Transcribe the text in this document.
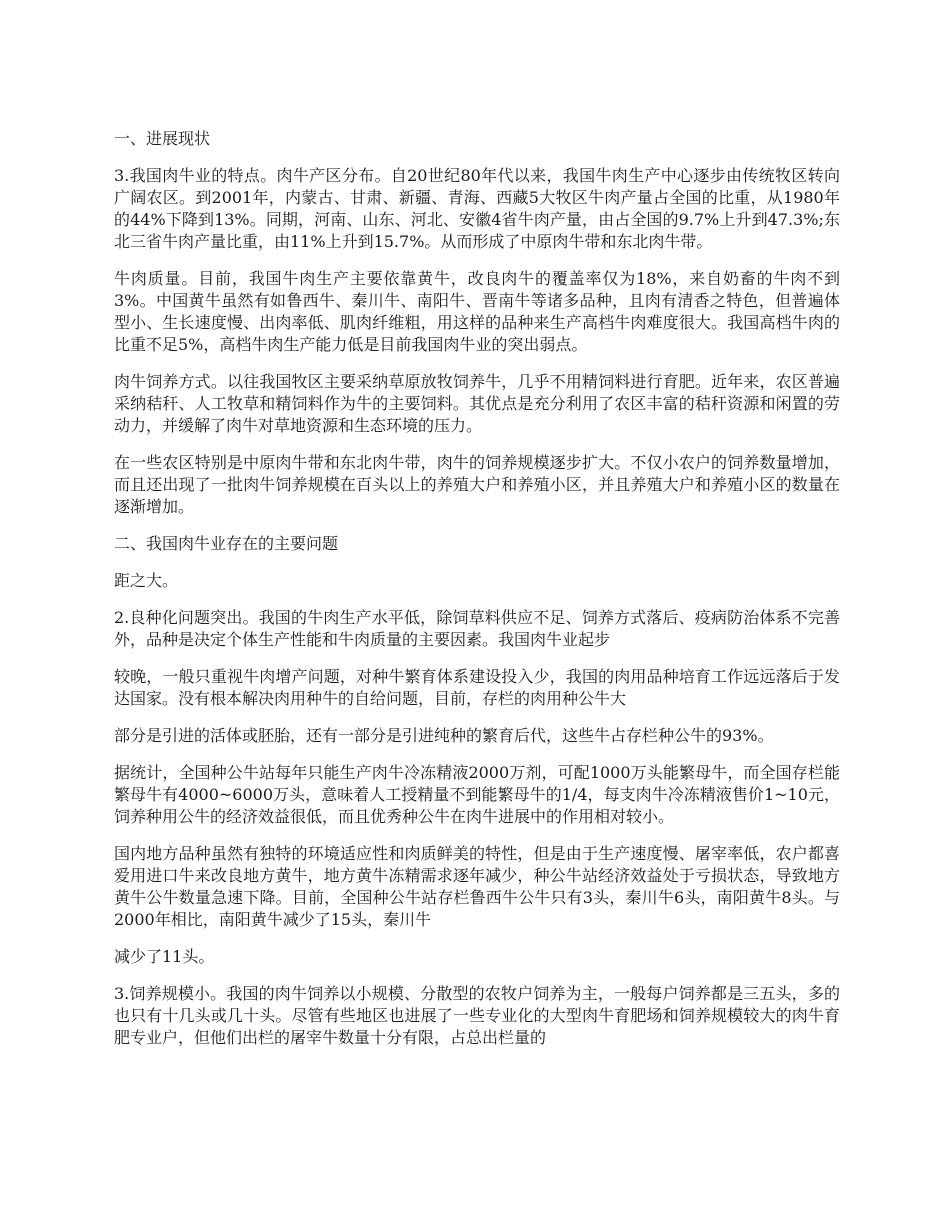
一、进展现状

3.我国肉牛业的特点。肉牛产区分布。自20世纪80年代以来，我国牛肉生产中心逐步由传统牧区转向广阔农区。到2001年，内蒙古、甘肃、新疆、青海、西藏5大牧区牛肉产量占全国的比重，从1980年的44%下降到13%。同期，河南、山东、河北、安徽4省牛肉产量，由占全国的9.7%上升到47.3%;东北三省牛肉产量比重，由11%上升到15.7%。从而形成了中原肉牛带和东北肉牛带。

牛肉质量。目前，我国牛肉生产主要依靠黄牛，改良肉牛的覆盖率仅为18%，来自奶畜的牛肉不到3%。中国黄牛虽然有如鲁西牛、秦川牛、南阳牛、晋南牛等诸多品种，且肉有清香之特色，但普遍体型小、生长速度慢、出肉率低、肌肉纤维粗，用这样的品种来生产高档牛肉难度很大。我国高档牛肉的比重不足5%，高档牛肉生产能力低是目前我国肉牛业的突出弱点。

肉牛饲养方式。以往我国牧区主要采纳草原放牧饲养牛，几乎不用精饲料进行育肥。近年来，农区普遍采纳秸秆、人工牧草和精饲料作为牛的主要饲料。其优点是充分利用了农区丰富的秸秆资源和闲置的劳动力，并缓解了肉牛对草地资源和生态环境的压力。

在一些农区特别是中原肉牛带和东北肉牛带，肉牛的饲养规模逐步扩大。不仅小农户的饲养数量增加，而且还出现了一批肉牛饲养规模在百头以上的养殖大户和养殖小区，并且养殖大户和养殖小区的数量在逐渐增加。

二、我国肉牛业存在的主要问题

距之大。

2.良种化问题突出。我国的牛肉生产水平低，除饲草料供应不足、饲养方式落后、疫病防治体系不完善外，品种是决定个体生产性能和牛肉质量的主要因素。我国肉牛业起步

较晚，一般只重视牛肉增产问题，对种牛繁育体系建设投入少，我国的肉用品种培育工作远远落后于发达国家。没有根本解决肉用种牛的自给问题，目前，存栏的肉用种公牛大

部分是引进的活体或胚胎，还有一部分是引进纯种的繁育后代，这些牛占存栏种公牛的93%。

据统计，全国种公牛站每年只能生产肉牛冷冻精液2000万剂，可配1000万头能繁母牛，而全国存栏能繁母牛有4000~6000万头，意味着人工授精量不到能繁母牛的1/4，每支肉牛冷冻精液售价1~10元，饲养种用公牛的经济效益很低，而且优秀种公牛在肉牛进展中的作用相对较小。

国内地方品种虽然有独特的环境适应性和肉质鲜美的特性，但是由于生产速度慢、屠宰率低，农户都喜爱用进口牛来改良地方黄牛，地方黄牛冻精需求逐年减少，种公牛站经济效益处于亏损状态，导致地方黄牛公牛数量急速下降。目前，全国种公牛站存栏鲁西牛公牛只有3头，秦川牛6头，南阳黄牛8头。与2000年相比，南阳黄牛减少了15头，秦川牛

减少了11头。

3.饲养规模小。我国的肉牛饲养以小规模、分散型的农牧户饲养为主，一般每户饲养都是三五头，多的也只有十几头或几十头。尽管有些地区也进展了一些专业化的大型肉牛育肥场和饲养规模较大的肉牛育肥专业户，但他们出栏的屠宰牛数量十分有限，占总出栏量的
